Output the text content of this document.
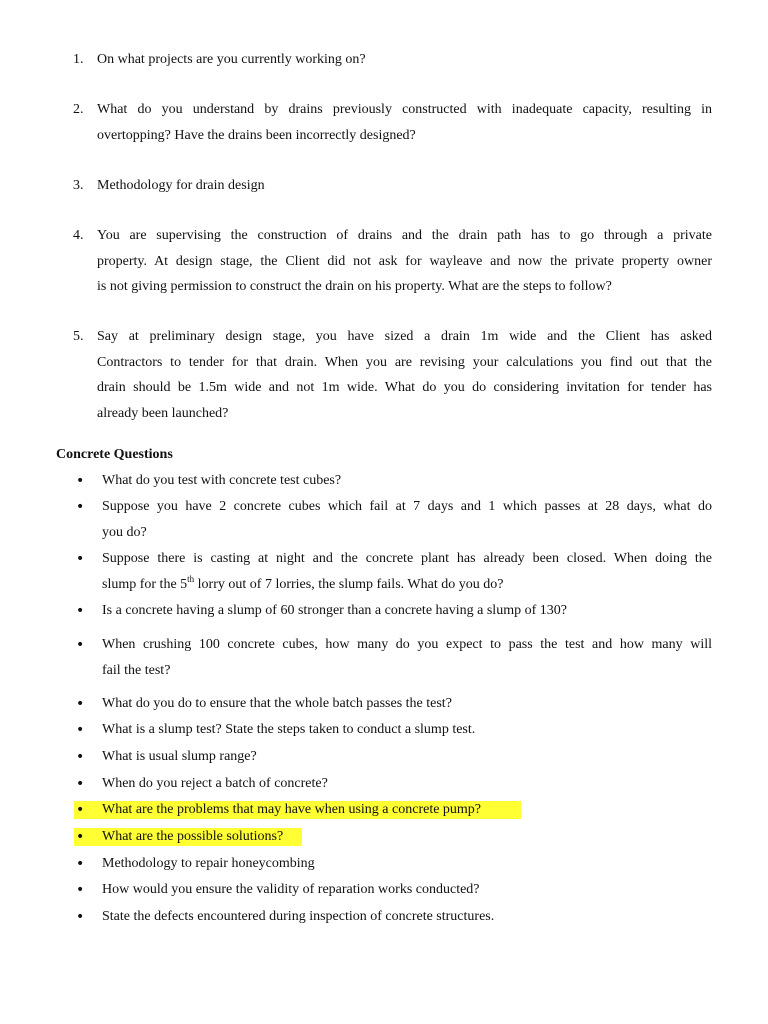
1. On what projects are you currently working on?
2. What do you understand by drains previously constructed with inadequate capacity, resulting in
overtopping? Have the drains been incorrectly designed?
3. Methodology for drain design
4. You are supervising the construction of drains and the drain path has to go through a private
property. At design stage, the Client did not ask for wayleave and now the private property owner
is not giving permission to construct the drain on his property. What are the steps to follow?
5. Say at preliminary design stage, you have sized a drain 1m wide and the Client has asked
Contractors to tender for that drain. When you are revising your calculations you find out that the
drain should be 1.5m wide and not 1m wide. What do you do considering invitation for tender has
already been launched?
Concrete Questions
• What do you test with concrete test cubes?
• Suppose you have 2 concrete cubes which fail at 7 days and 1 which passes at 28 days, what do
you do?
• Suppose there is casting at night and the concrete plant has already been closed. When doing the
slump for the 5th lorry out of 7 lorries, the slump fails. What do you do?
• Is a concrete having a slump of 60 stronger than a concrete having a slump of 130?
• When crushing 100 concrete cubes, how many do you expect to pass the test and how many will
fail the test?
• What do you do to ensure that the whole batch passes the test?
• What is a slump test? State the steps taken to conduct a slump test.
• What is usual slump range?
• When do you reject a batch of concrete?
• What are the problems that may have when using a concrete pump?
• What are the possible solutions?
• Methodology to repair honeycombing
• How would you ensure the validity of reparation works conducted?
• State the defects encountered during inspection of concrete structures.
